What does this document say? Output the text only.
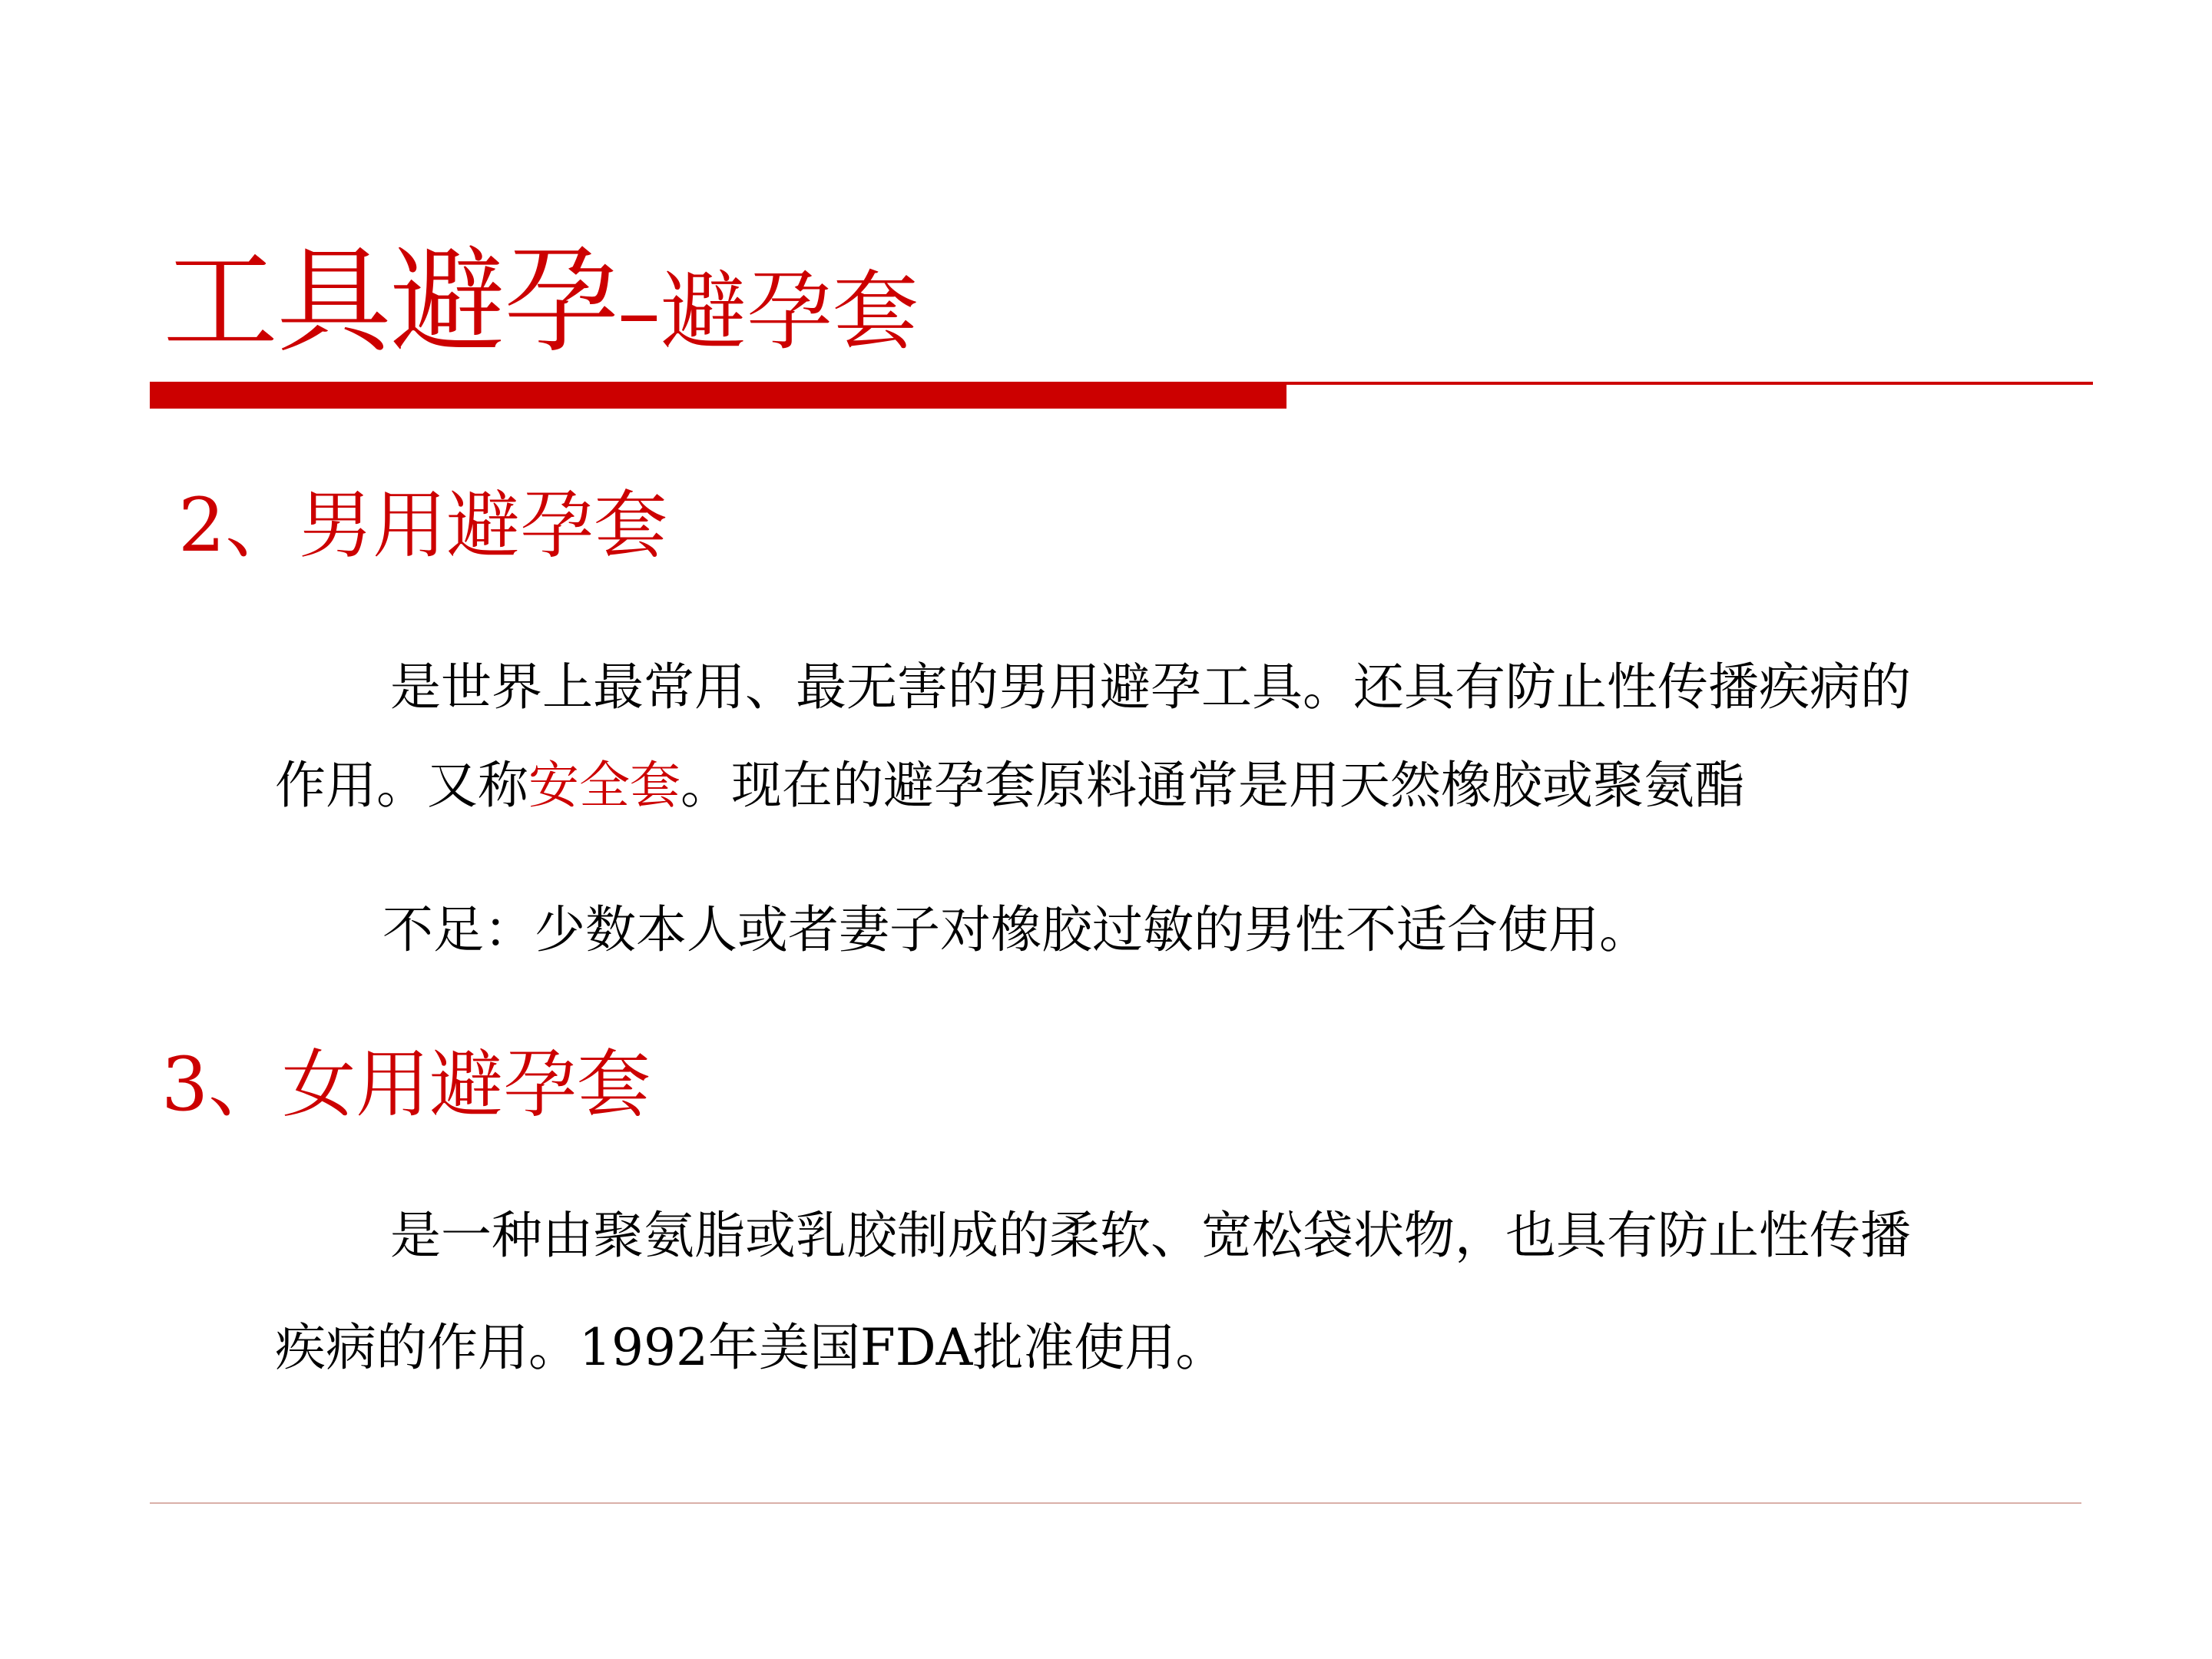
工具避孕–避孕套
2、男用避孕套
是世界上最常用、最无害的男用避孕工具。还具有防止性传播疾病的
作用。又称安全套。现在的避孕套原料通常是用天然橡胶或聚氨酯
不足：少数本人或者妻子对橡胶过敏的男性不适合使用。
3、女用避孕套
是一种由聚氨脂或乳胶制成的柔软、宽松袋状物，也具有防止性传播
疾病的作用。1992年美国FDA批准使用。
